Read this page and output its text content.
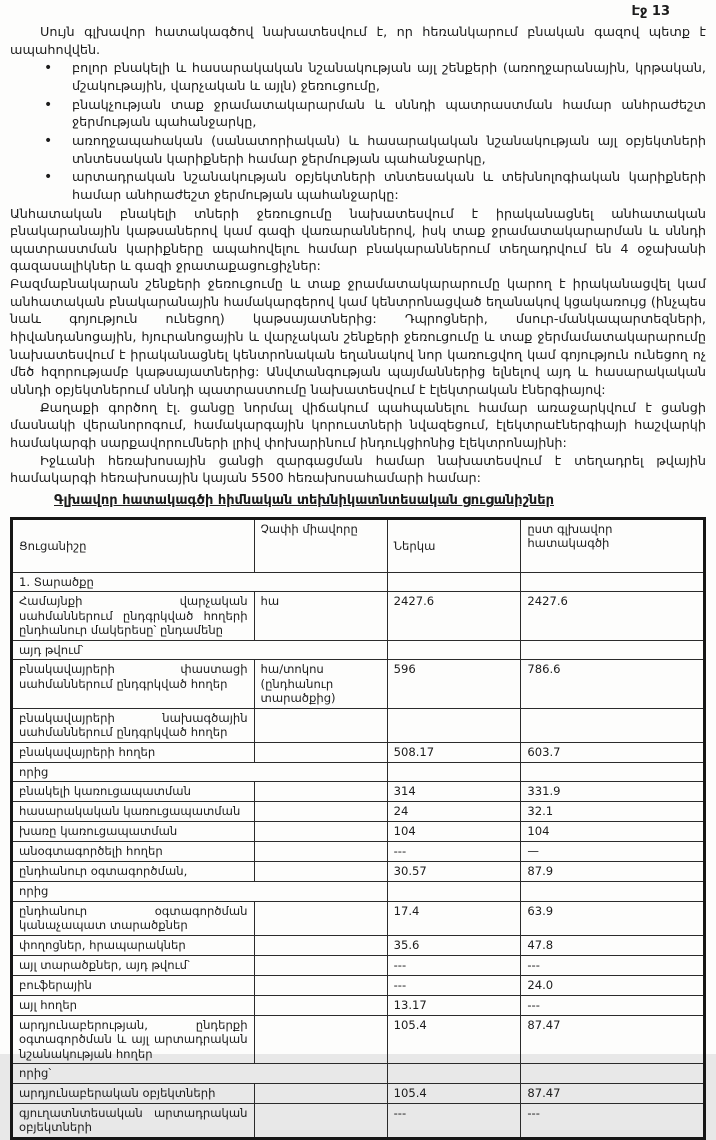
Էջ 13

Սույն գլխավոր հատակագծով նախատեսվում է, որ հեռանկարում բնական գազով պետք է ապահովվեն.

• բոլոր բնակելի և հասարակական նշանակության այլ շենքերի (առողջարանային, կրթական, մշակութային, վարչական և այլն) ջեռուցումը,
• բնակչության տաք ջրամատակարարման և սննդի պատրաստման համար անհրաժեշտ ջերմության պահանջարկը,
• առողջապահական (սանատորիական) և հասարակական նշանակության այլ օբյեկտների տնտեսական կարիքների համար ջերմության պահանջարկը,
• արտադրական նշանակության օբյեկտների տնտեսական և տեխնոլոգիական կարիքների համար անհրաժեշտ ջերմության պահանջարկը:

Անհատական բնակելի տների ջեռուցումը նախատեսվում է իրականացնել անհատական բնակարանային կաթսաներով կամ գազի վառարաններով, իսկ տաք ջրամատակարարման և սննդի պատրաստման կարիքները ապահովելու համար բնակարաններում տեղադրվում են 4 օջախանի գազասալիկներ և գազի ջրատաքացուցիչներ:

Բազմաբնակարան շենքերի ջեռուցումը և տաք ջրամատակարարումը կարող է իրականացվել կամ անհատական բնակարանային համակարգերով կամ կենտրոնացված եղանակով կցակառույց (ինչպես նաև գոյություն ունեցող) կաթսայատներից: Դպրոցների, մսուր-մանկապարտեզների, հիվանդանոցային, հյուրանոցային և վարչական շենքերի ջեռուցումը և տաք ջերմամատակարարումը նախատեսվում է իրականացնել կենտրոնական եղանակով նոր կառուցվող կամ գոյություն ունեցող ոչ մեծ հզորությամբ կաթսայատներից: Անվտանգության պայմաններից ելնելով այդ և հասարակական սննդի օբյեկտներում սննդի պատրաստումը նախատեսվում է էլեկտրական էներգիայով:

Քաղաքի գործող էլ. ցանցը նորմալ վիճակում պահպանելու համար առաջարկվում է ցանցի մասնակի վերանորոգում, համակարգային կորուստների նվազեցում, էլեկտրաէներգիայի հաշվարկի համակարգի սարքավորումների լրիվ փոխարինում ինդուկցիոնից էլեկտրոնայինի:

Իջևանի հեռախոսային ցանցի զարգացման համար նախատեսվում է տեղադրել թվային համակարգի հեռախոսային կայան 5500 հեռախոսահամարի համար:

Գլխավոր հատակագծի հիմնական տեխնիկատնտեսական ցուցանիշներ
Ցուցանիշը	Չափի միավորը	Ներկա	ըստ գլխավոր հատակագծի
1. Տարածքը			
Համայնքի վարչական սահմաններում ընդգրկված հողերի ընդհանուր մակերեսը՝ ընդամենը	հա	2427.6	2427.6
այդ թվում՝			
բնակավայրերի փաստացի սահմաններում ընդգրկված հողեր	հա/տոկոս (ընդհանուր տարածքից)	596	786.6
բնակավայրերի նախագծային սահմաններում ընդգրկված հողեր			
բնակավայրերի հողեր		508.17	603.7
որից			
բնակելի կառուցապատման		314	331.9
հասարակական կառուցապատման		24	32.1
խառը կառուցապատման		104	104
անօգտագործելի հողեր		---	—
ընդհանուր օգտագործման,		30.57	87.9
որից			
ընդհանուր օգտագործման կանաչապատ տարածքներ		17.4	63.9
փողոցներ, հրապարակներ		35.6	47.8
այլ տարածքներ, այդ թվում՝		---	---
բուֆերային		---	24.0
այլ հողեր		13.17	---
արդյունաբերության, ընդերքի օգտագործման և այլ արտադրական նշանակության հողեր		105.4	87.47
որից՝			
արդյունաբերական օբյեկտների		105.4	87.47
գյուղատնտեսական արտադրական օբյեկտների		---	---
